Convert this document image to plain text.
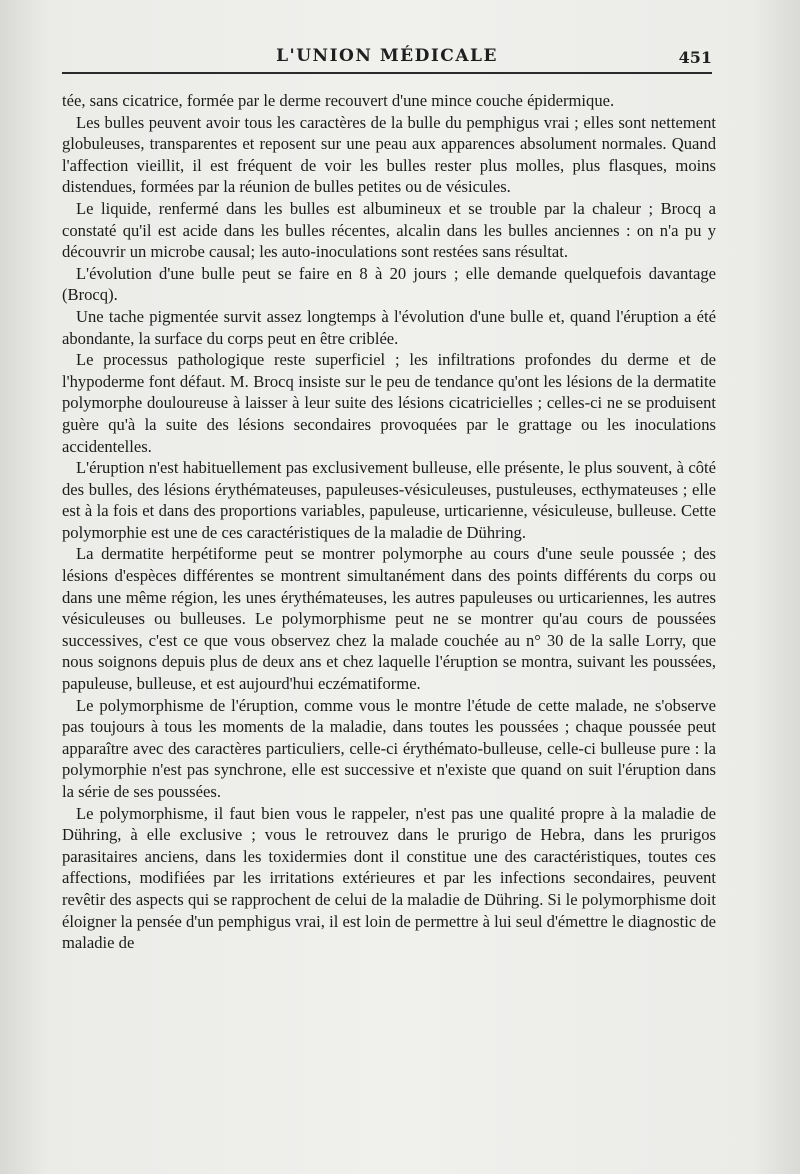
L'UNION MÉDICALE	451

tée, sans cicatrice, formée par le derme recouvert d'une mince couche épidermique.

Les bulles peuvent avoir tous les caractères de la bulle du pemphigus vrai ; elles sont nettement globuleuses, transparentes et reposent sur une peau aux apparences absolument normales. Quand l'affection vieillit, il est fréquent de voir les bulles rester plus molles, plus flasques, moins distendues, formées par la réunion de bulles petites ou de vésicules.

Le liquide, renfermé dans les bulles est albumineux et se trouble par la chaleur ; Brocq a constaté qu'il est acide dans les bulles récentes, alcalin dans les bulles anciennes : on n'a pu y découvrir un microbe causal; les auto-inoculations sont restées sans résultat.

L'évolution d'une bulle peut se faire en 8 à 20 jours ; elle demande quelquefois davantage (Brocq).

Une tache pigmentée survit assez longtemps à l'évolution d'une bulle et, quand l'éruption a été abondante, la surface du corps peut en être criblée.

Le processus pathologique reste superficiel ; les infiltrations profondes du derme et de l'hypoderme font défaut. M. Brocq insiste sur le peu de tendance qu'ont les lésions de la dermatite polymorphe douloureuse à laisser à leur suite des lésions cicatricielles ; celles-ci ne se produisent guère qu'à la suite des lésions secondaires provoquées par le grattage ou les inoculations accidentelles.

L'éruption n'est habituellement pas exclusivement bulleuse, elle présente, le plus souvent, à côté des bulles, des lésions érythémateuses, papuleuses-vésiculeuses, pustuleuses, ecthymateuses ; elle est à la fois et dans des proportions variables, papuleuse, urticarienne, vésiculeuse, bulleuse. Cette polymorphie est une de ces caractéristiques de la maladie de Dühring.

La dermatite herpétiforme peut se montrer polymorphe au cours d'une seule poussée ; des lésions d'espèces différentes se montrent simultanément dans des points différents du corps ou dans une même région, les unes érythémateuses, les autres papuleuses ou urticariennes, les autres vésiculeuses ou bulleuses. Le polymorphisme peut ne se montrer qu'au cours de poussées successives, c'est ce que vous observez chez la malade couchée au n° 30 de la salle Lorry, que nous soignons depuis plus de deux ans et chez laquelle l'éruption se montra, suivant les poussées, papuleuse, bulleuse, et est aujourd'hui eczématiforme.

Le polymorphisme de l'éruption, comme vous le montre l'étude de cette malade, ne s'observe pas toujours à tous les moments de la maladie, dans toutes les poussées ; chaque poussée peut apparaître avec des caractères particuliers, celle-ci érythémato-bulleuse, celle-ci bulleuse pure : la polymorphie n'est pas synchrone, elle est successive et n'existe que quand on suit l'éruption dans la série de ses poussées.

Le polymorphisme, il faut bien vous le rappeler, n'est pas une qualité propre à la maladie de Dühring, à elle exclusive ; vous le retrouvez dans le prurigo de Hebra, dans les prurigos parasitaires anciens, dans les toxidermies dont il constitue une des caractéristiques, toutes ces affections, modifiées par les irritations extérieures et par les infections secondaires, peuvent revêtir des aspects qui se rapprochent de celui de la maladie de Dühring. Si le polymorphisme doit éloigner la pensée d'un pemphigus vrai, il est loin de permettre à lui seul d'émettre le diagnostic de maladie de
